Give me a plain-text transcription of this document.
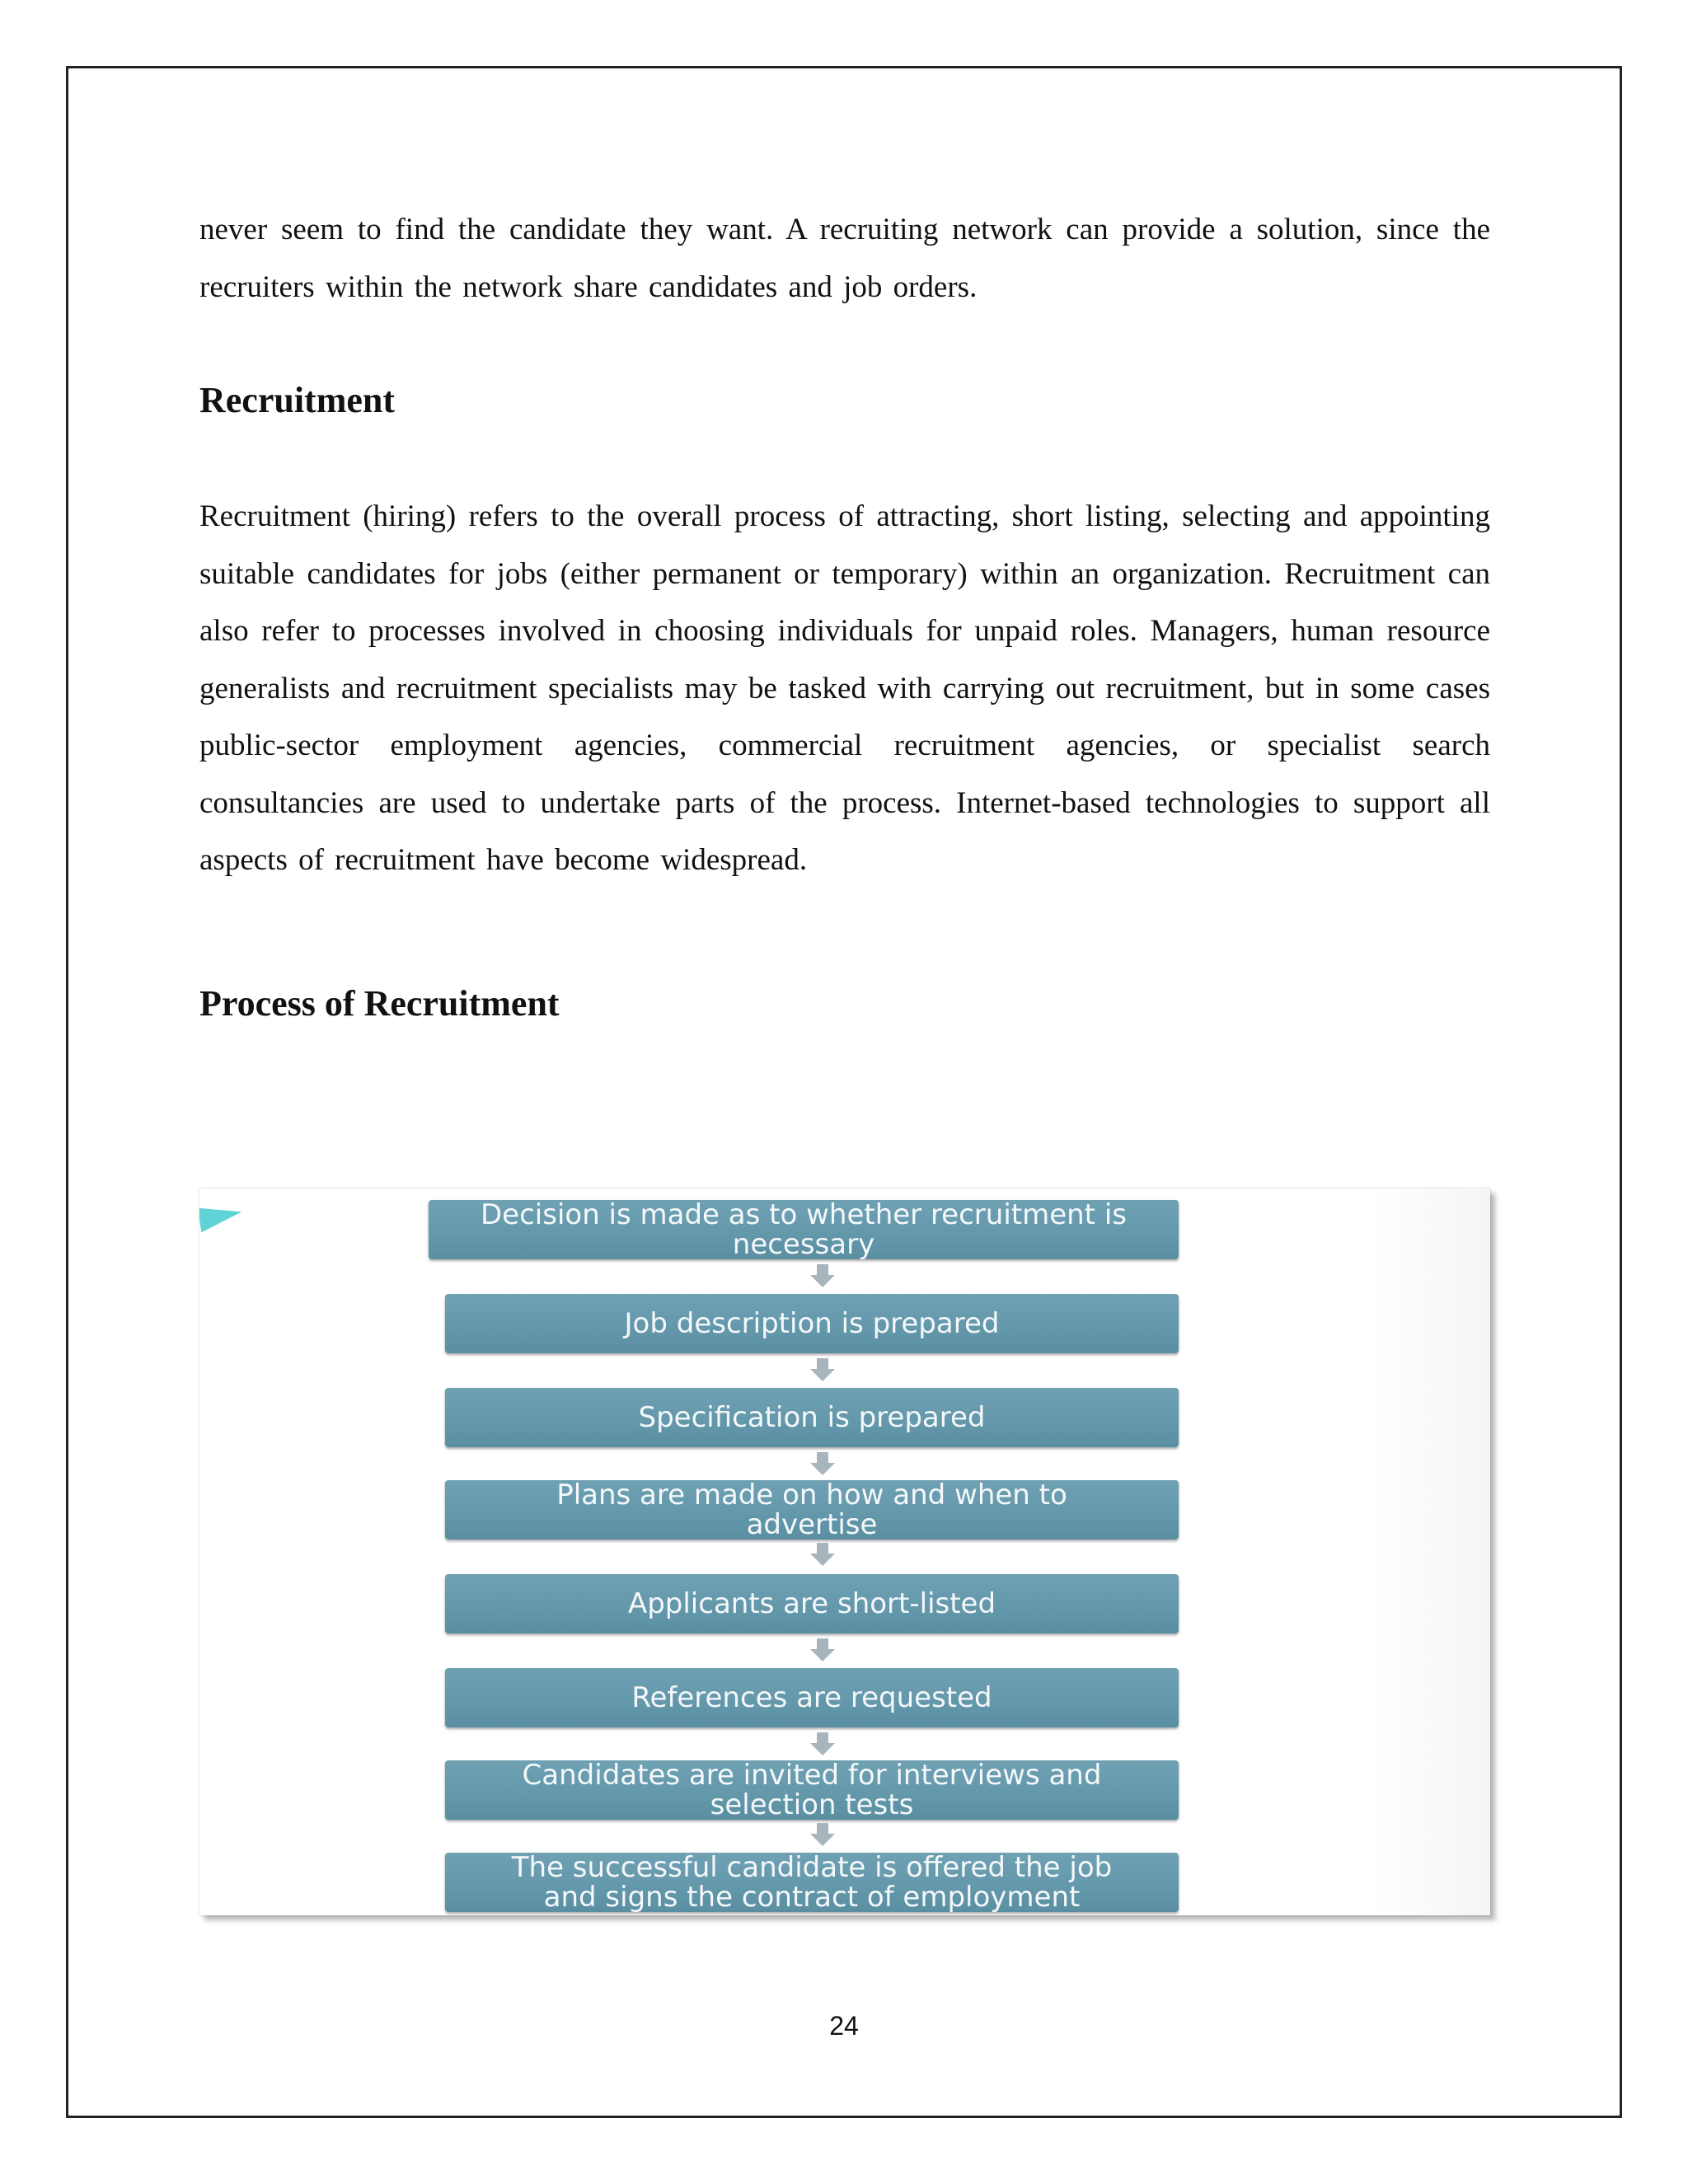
never seem to find the candidate they want. A recruiting network can provide a solution, since the recruiters within the network share candidates and job orders.

Recruitment

Recruitment (hiring) refers to the overall process of attracting, short listing, selecting and appointing suitable candidates for jobs (either permanent or temporary) within an organization. Recruitment can also refer to processes involved in choosing individuals for unpaid roles. Managers, human resource generalists and recruitment specialists may be tasked with carrying out recruitment, but in some cases public-sector employment agencies, commercial recruitment agencies, or specialist search consultancies are used to undertake parts of the process. Internet-based technologies to support all aspects of recruitment have become widespread.

Process of Recruitment
Decision is made as to whether recruitment is
necessary
Job description is prepared
Specification is prepared
Plans are made on how and when to
advertise
Applicants are short-listed
References are requested
Candidates are invited for interviews and
selection tests
The successful candidate is offered the job
and signs the contract of employment
24
